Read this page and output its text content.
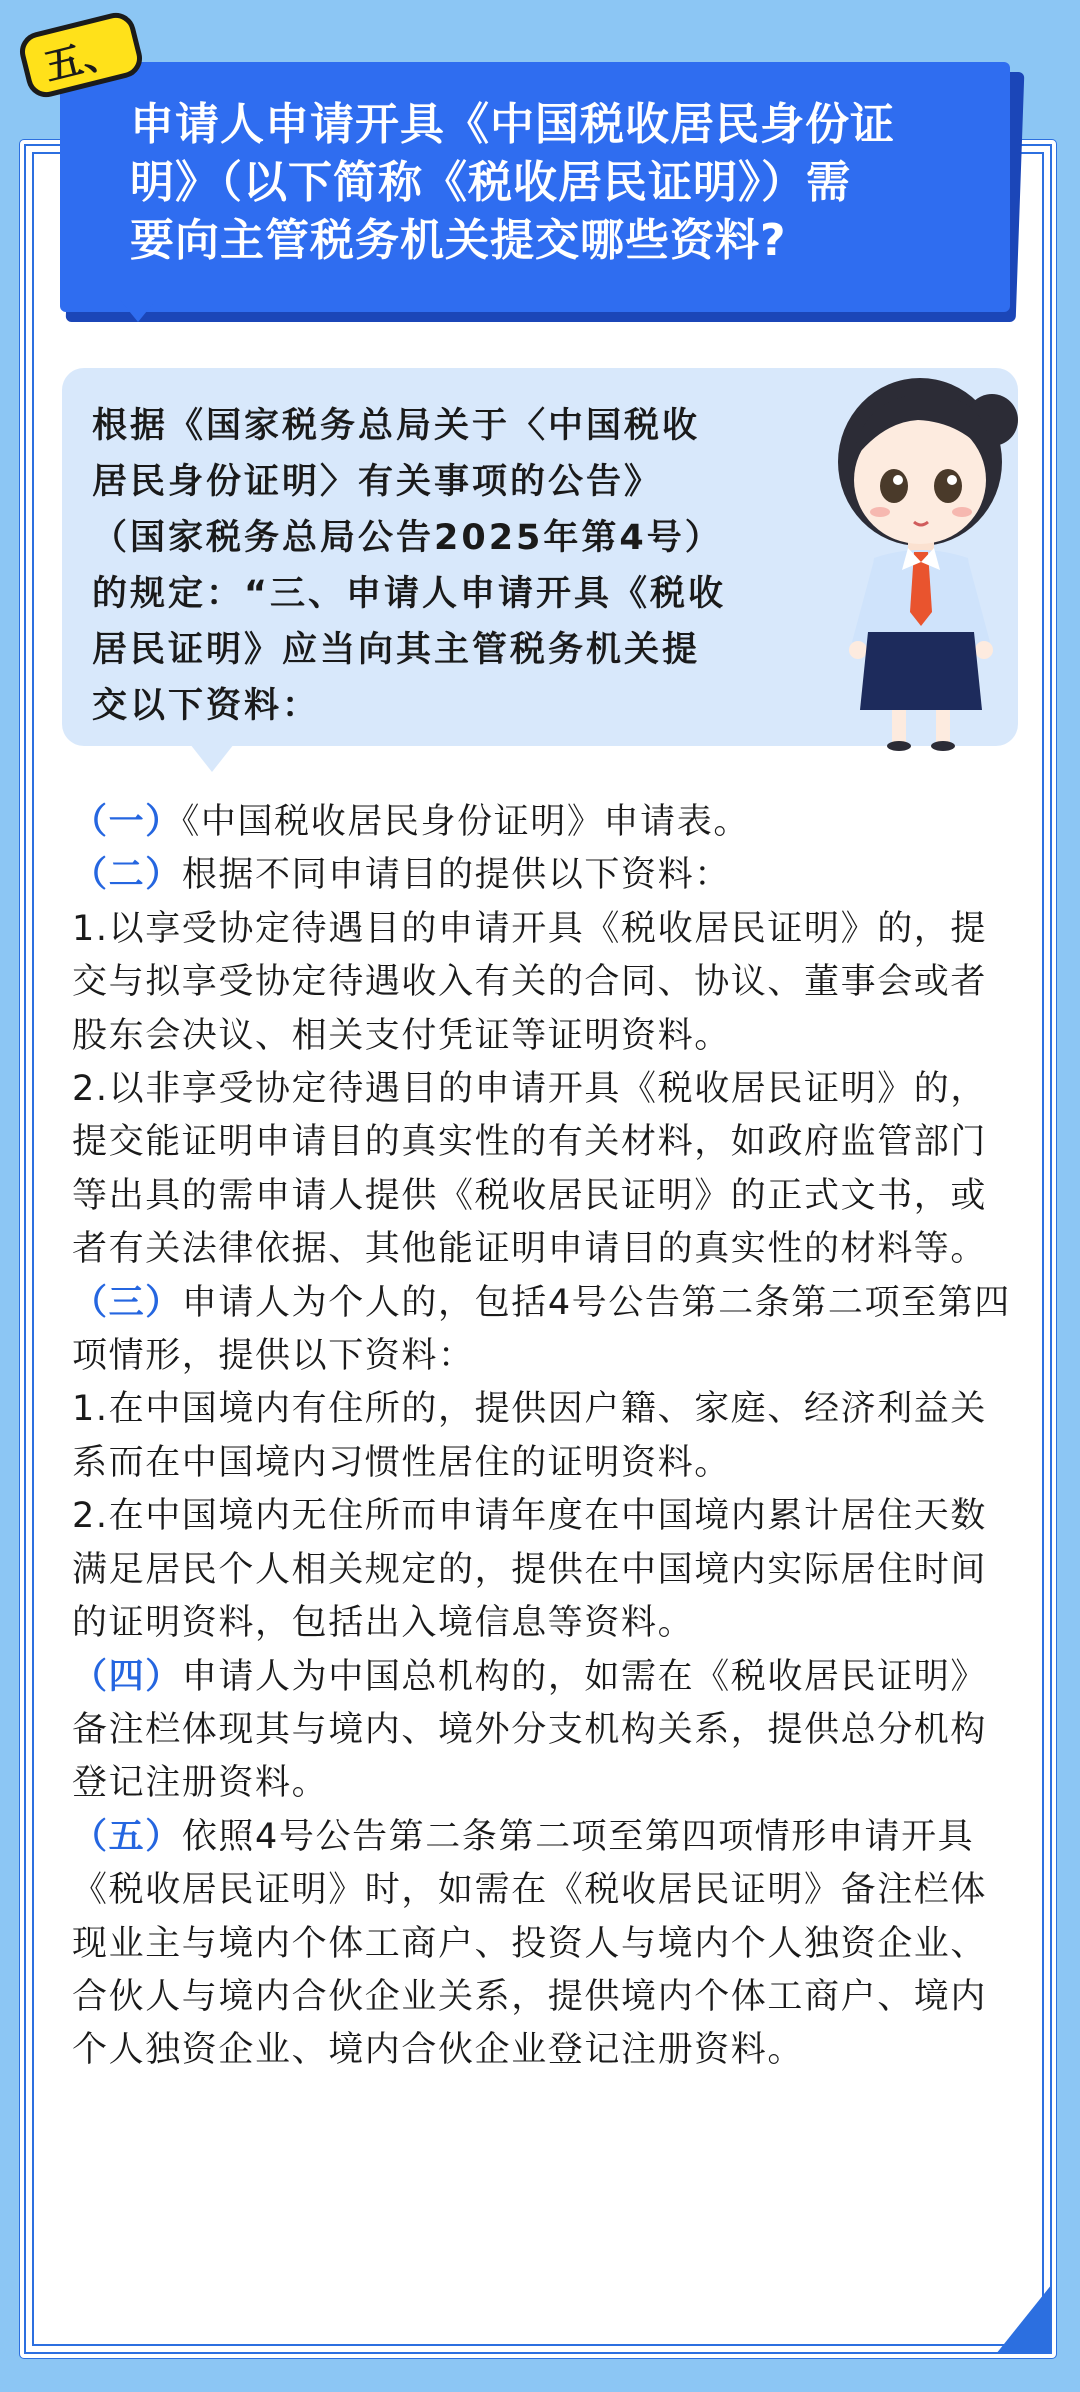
申请人申请开具《中国税收居民身份证
明》（以下简称《税收居民证明》）需
要向主管税务机关提交哪些资料?

五、

根据《国家税务总局关于〈中国税收
居民身份证明〉有关事项的公告》
（国家税务总局公告2025年第4号）
的规定：“三、申请人申请开具《税收
居民证明》应当向其主管税务机关提
交以下资料：

（一）《中国税收居民身份证明》申请表。

（二）根据不同申请目的提供以下资料：

1.以享受协定待遇目的申请开具《税收居民证明》的，提交与拟享受协定待遇收入有关的合同、协议、董事会或者股东会决议、相关支付凭证等证明资料。

2.以非享受协定待遇目的申请开具《税收居民证明》的，提交能证明申请目的真实性的有关材料，如政府监管部门等出具的需申请人提供《税收居民证明》的正式文书，或者有关法律依据、其他能证明申请目的真实性的材料等。

（三）申请人为个人的，包括4号公告第二条第二项至第四项情形，提供以下资料：

1.在中国境内有住所的，提供因户籍、家庭、经济利益关系而在中国境内习惯性居住的证明资料。

2.在中国境内无住所而申请年度在中国境内累计居住天数满足居民个人相关规定的，提供在中国境内实际居住时间的证明资料，包括出入境信息等资料。

（四）申请人为中国总机构的，如需在《税收居民证明》备注栏体现其与境内、境外分支机构关系，提供总分机构登记注册资料。

（五）依照4号公告第二条第二项至第四项情形申请开具《税收居民证明》时，如需在《税收居民证明》备注栏体现业主与境内个体工商户、投资人与境内个人独资企业、合伙人与境内合伙企业关系，提供境内个体工商户、境内个人独资企业、境内合伙企业登记注册资料。
